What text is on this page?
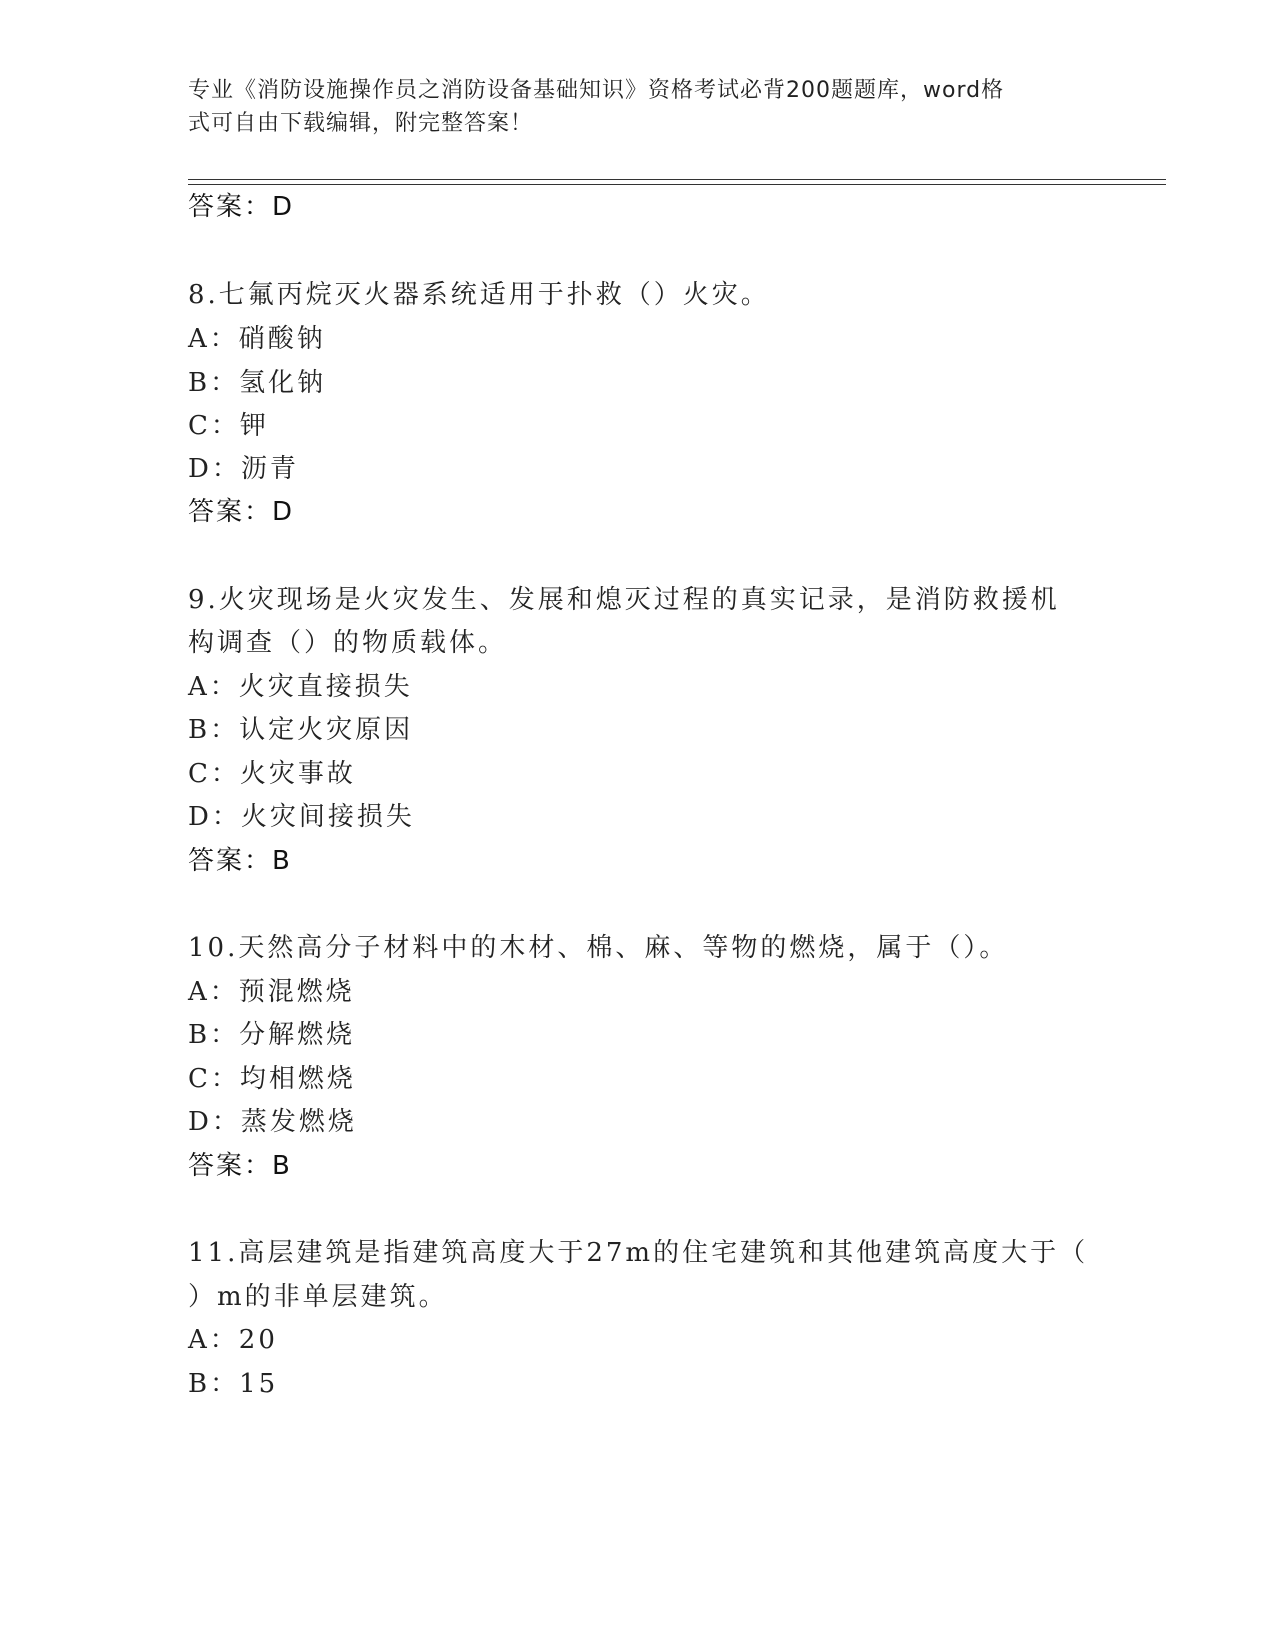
专业《消防设施操作员之消防设备基础知识》资格考试必背200题题库，word格
式可自由下载编辑，附完整答案！
答案：D
8.七氟丙烷灭火器系统适用于扑救（）火灾。
A：硝酸钠
B：氢化钠
C：钾
D：沥青
答案：D
9.火灾现场是火灾发生、发展和熄灭过程的真实记录，是消防救援机
构调查（）的物质载体。
A：火灾直接损失
B：认定火灾原因
C：火灾事故
D：火灾间接损失
答案：B
10.天然高分子材料中的木材、棉、麻、等物的燃烧，属于（）。
A：预混燃烧
B：分解燃烧
C：均相燃烧
D：蒸发燃烧
答案：B
11.高层建筑是指建筑高度大于27m的住宅建筑和其他建筑高度大于（
）m的非单层建筑。
A：20
B：15
